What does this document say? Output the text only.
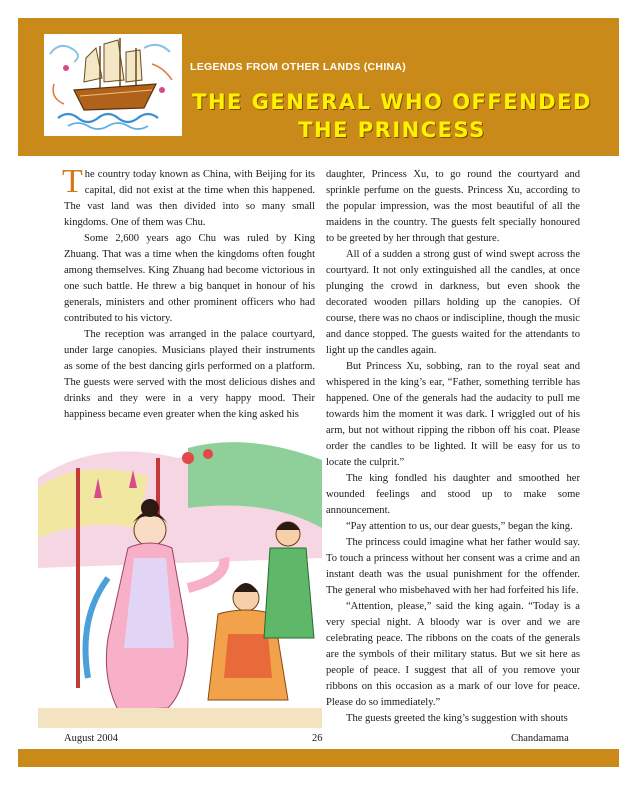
LEGENDS FROM OTHER LANDS (CHINA)
THE GENERAL WHO OFFENDED
THE PRINCESS

The country today known as China, with Beijing for its capital, did not exist at the time when this happened. The vast land was then divided into so many small kingdoms. One of them was Chu.

Some 2,600 years ago Chu was ruled by King Zhuang. That was a time when the kingdoms often fought among themselves. King Zhuang had become victorious in one such battle. He threw a big banquet in honour of his generals, ministers and other prominent officers who had contributed to his victory.

The reception was arranged in the palace courtyard, under large canopies. Musicians played their instruments as some of the best dancing girls performed on a platform. The guests were served with the most delicious dishes and drinks and they were in a very happy mood. Their happiness became even greater when the king asked his

daughter, Princess Xu, to go round the courtyard and sprinkle perfume on the guests. Princess Xu, according to the popular impression, was the most beautiful of all the maidens in the country. The guests felt specially honoured to be greeted by her through that gesture.

All of a sudden a strong gust of wind swept across the courtyard. It not only extinguished all the candles, at once plunging the crowd in darkness, but even shook the decorated wooden pillars holding up the canopies. Of course, there was no chaos or indiscipline, though the music and dance stopped. The guests waited for the attendants to light up the candles again.

But Princess Xu, sobbing, ran to the royal seat and whispered in the king’s ear, “Father, something terrible has happened. One of the generals had the audacity to pull me towards him the moment it was dark. I wriggled out of his arm, but not without ripping the ribbon off his coat. Please order the candles to be lighted. It will be easy for us to locate the culprit.”

The king fondled his daughter and smoothed her wounded feelings and stood up to make some announcement.

“Pay attention to us, our dear guests,” began the king.

The princess could imagine what her father would say. To touch a princess without her consent was a crime and an instant death was the usual punishment for the offender. The general who misbehaved with her had forfeited his life.

“Attention, please,” said the king again. “Today is a very special night. A bloody war is over and we are celebrating peace. The ribbons on the coats of the generals are the symbols of their military status. But we sit here as people of peace. I suggest that all of you remove your ribbons on this occasion as a mark of our love for peace. Please do so immediately.”

The guests greeted the king’s suggestion with shouts

August 2004	26	Chandamama
